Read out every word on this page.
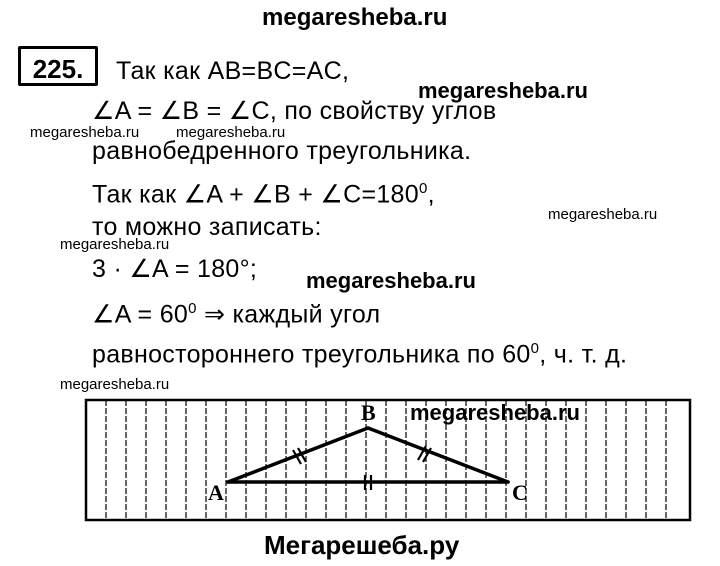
megaresheba.ru
225.	Так как AB=BC=AC,
∠A = ∠B = ∠C, по свойству углов
равнобедренного треугольника.
Так как ∠A + ∠B + $\angle C=180^0$,
то можно записать:
3 · ∠A = 180°;
∠A = $60^0$ ⇒ каждый угол
равностороннего треугольника по $60^0$, ч. т. д.
megaresheba.ru
megaresheba.ru megaresheba.ru
megaresheba.ru
megaresheba.ru
megaresheba.ru
megaresheba.ru
A
B
C
megaresheba.ru
Мегарешеба.ру
